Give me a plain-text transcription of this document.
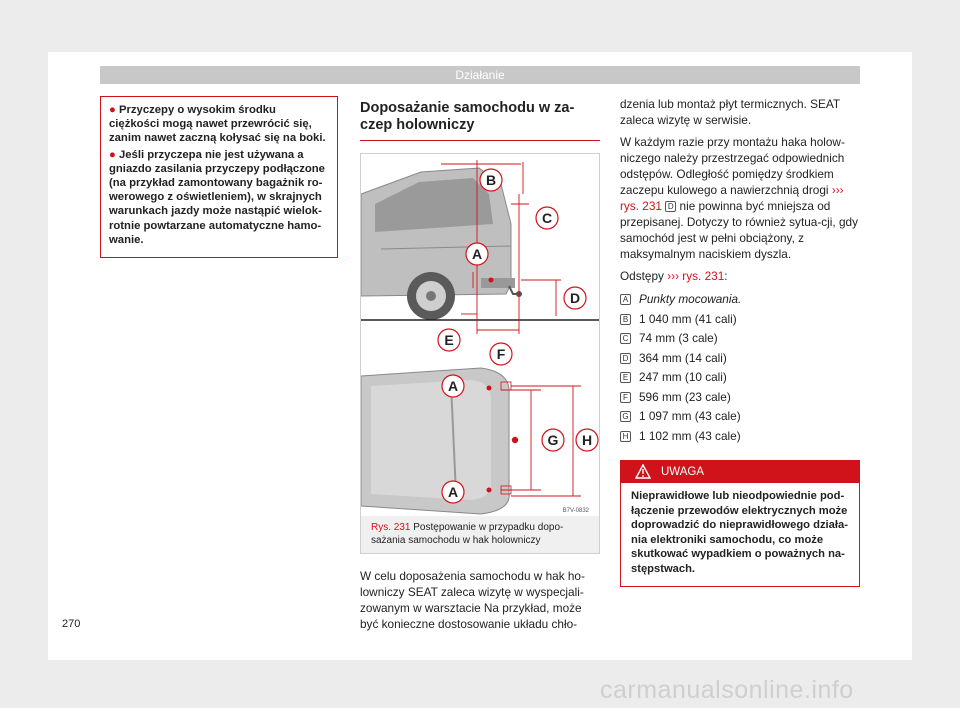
Działanie
● Przyczepy o wysokim środku ciężkości mogą nawet przewrócić się, zanim nawet zaczną kołysać się na boki.
● Jeśli przyczepa nie jest używana a gniazdo zasilania przyczepy podłączone (na przykład zamontowany bagażnik ro-werowego z oświetleniem), w skrajnych warunkach jazdy może nastąpić wielok-rotnie powtarzane automatyczne hamo-wanie.
Doposażanie samochodu w za-czep holowniczy
B
C
A
D
E
F
A
G H
A
B7V-0832
Rys. 231 Postępowanie w przypadku dopo-sażania samochodu w hak holowniczy
W celu doposażenia samochodu w hak ho-lowniczy SEAT zaleca wizytę w wyspecjali-zowanym w warsztacie Na przykład, może być konieczne dostosowanie układu chło-

dzenia lub montaż płyt termicznych. SEAT zaleca wizytę w serwisie.

W każdym razie przy montażu haka holow-niczego należy przestrzegać odpowiednich odstępów. Odległość pomiędzy środkiem zaczepu kulowego a nawierzchnią drogi ››› rys. 231 D nie powinna być mniejsza od przepisanej. Dotyczy to również sytua-cji, gdy samochód jest w pełni obciążony, z maksymalnym naciskiem dyszla.

Odstępy ››› rys. 231:

A Punkty mocowania.
B 1 040 mm (41 cali)
C 74 mm (3 cale)
D 364 mm (14 cali)
E 247 mm (10 cali)
F 596 mm (23 cale)
G 1 097 mm (43 cale)
H 1 102 mm (43 cale)
UWAGA
Nieprawidłowe lub nieodpowiednie pod-łączenie przewodów elektrycznych może doprowadzić do nieprawidłowego działa-nia elektroniki samochodu, co może skutkować wypadkiem o poważnych na-stępstwach.
270
carmanualsonline.info
